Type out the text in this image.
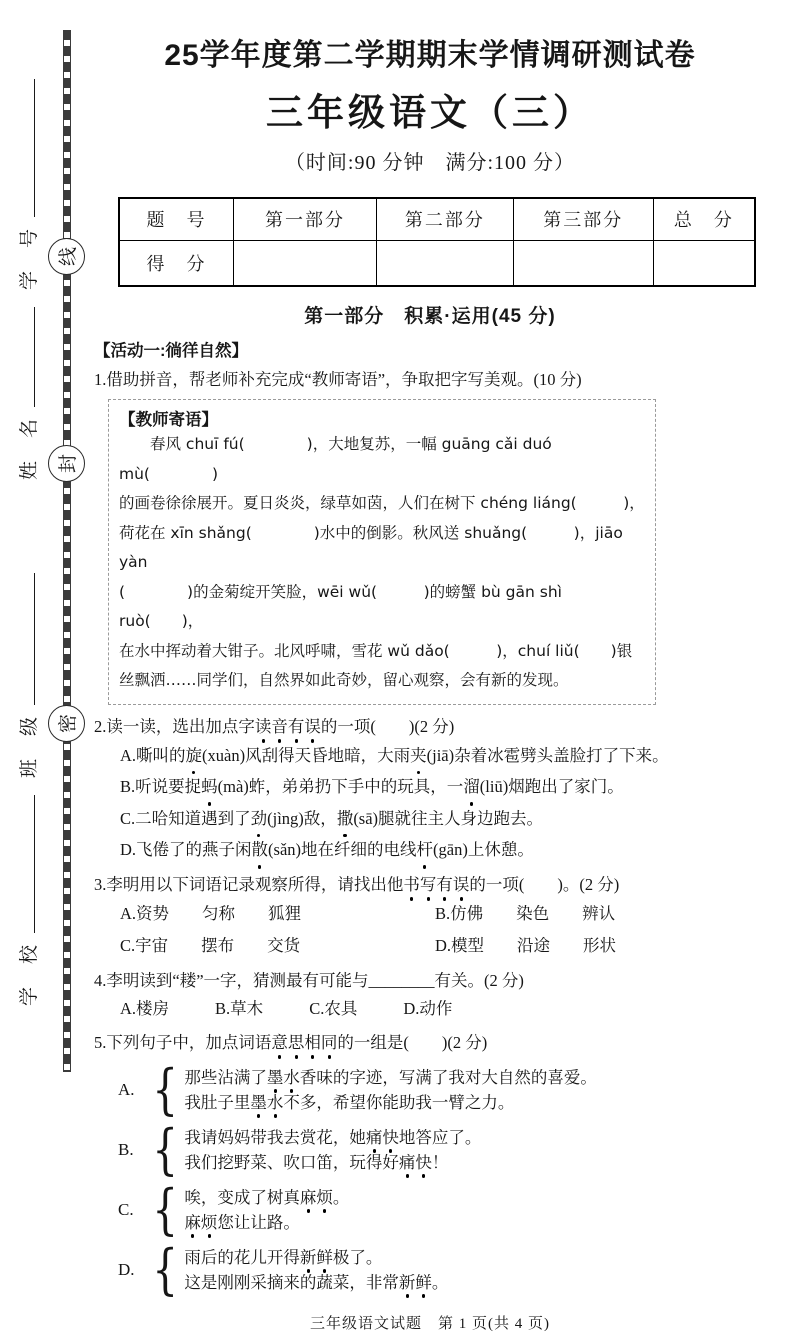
线
封
密
学　号
姓　名
班　级
学　校
25学年度第二学期期末学情调研测试卷
三年级语文（三）
（时间:90 分钟　满分:100 分）
题　号	第一部分	第二部分	第三部分	总　分
得　分				
第一部分　积累·运用(45 分)
【活动一:徜徉自然】
1.借助拼音，帮老师补充完成“教师寄语”，争取把字写美观。(10 分)
【教师寄语】
　　春风 chuī fú(　　　　)，大地复苏，一幅 guāng cǎi duó mù(　　　　)
的画卷徐徐展开。夏日炎炎，绿草如茵，人们在树下 chéng liáng(　　　)，
荷花在 xīn shǎng(　　　　)水中的倒影。秋风送 shuǎng(　　　)，jiāo yàn
(　　　　)的金菊绽开笑脸，wēi wǔ(　　　)的螃蟹 bù gān shì ruò(　　)，
在水中挥动着大钳子。北风呼啸，雪花 wǔ dǎo(　　　)，chuí liǔ(　　)银
丝飘洒……同学们，自然界如此奇妙，留心观察，会有新的发现。
2.读一读，选出加点字读音有误的一项(　　)(2 分)
A.嘶叫的旋(xuàn)风刮得天昏地暗，大雨夹(jiā)杂着冰雹劈头盖脸打了下来。
B.听说要捉蚂(mà)蚱，弟弟扔下手中的玩具，一溜(liū)烟跑出了家门。
C.二哈知道遇到了劲(jìng)敌，撒(sā)腿就往主人身边跑去。
D.飞倦了的燕子闲散(sǎn)地在纤细的电线杆(gān)上休憩。
3.李明用以下词语记录观察所得，请找出他书写有误的一项(　　)。(2 分)
A.资势　　匀称　　狐狸	B.仿佛　　染色　　辨认
C.宇宙　　摆布　　交货	D.模型　　沿途　　形状
4.李明读到“耧”一字，猜测最有可能与________有关。(2 分)
A.楼房	B.草木	C.农具	D.动作
5.下列句子中，加点词语意思相同的一组是(　　)(2 分)
A. { 那些沾满了墨水香味的字迹，写满了我对大自然的喜爱。
我肚子里墨水不多，希望你能助我一臂之力。
B. { 我请妈妈带我去赏花，她痛快地答应了。
我们挖野菜、吹口笛，玩得好痛快！
C. { 唉，变成了树真麻烦。
麻烦您让让路。
D. { 雨后的花儿开得新鲜极了。
这是刚刚采摘来的蔬菜，非常新鲜。
三年级语文试题　第 1 页(共 4 页)
